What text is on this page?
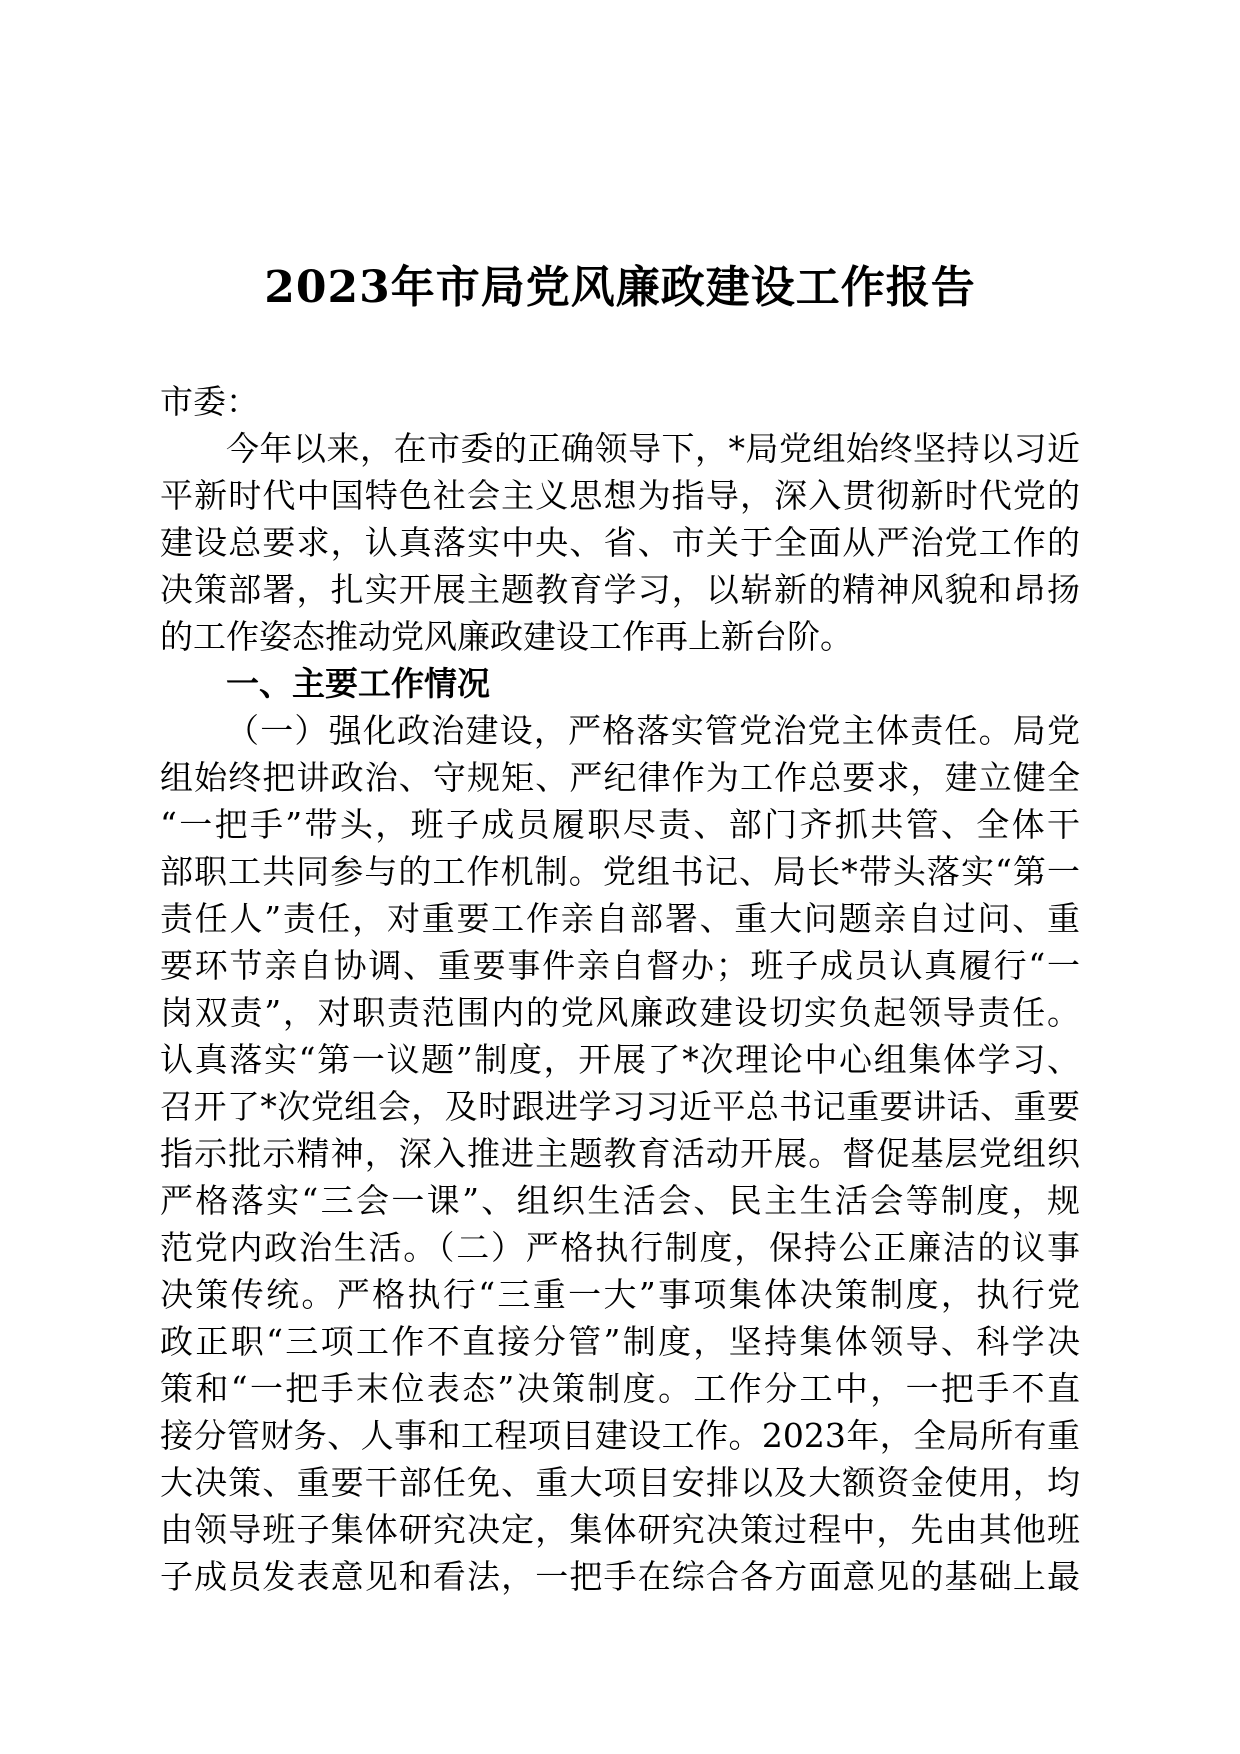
2023年市局党风廉政建设工作报告
市委：
今年以来，在市委的正确领导下，*局党组始终坚持以习近
平新时代中国特色社会主义思想为指导，深入贯彻新时代党的
建设总要求，认真落实中央、省、市关于全面从严治党工作的
决策部署，扎实开展主题教育学习，以崭新的精神风貌和昂扬
的工作姿态推动党风廉政建设工作再上新台阶。
一、主要工作情况
（一）强化政治建设，严格落实管党治党主体责任。局党
组始终把讲政治、守规矩、严纪律作为工作总要求，建立健全
“一把手”带头，班子成员履职尽责、部门齐抓共管、全体干
部职工共同参与的工作机制。党组书记、局长*带头落实“第一
责任人”责任，对重要工作亲自部署、重大问题亲自过问、重
要环节亲自协调、重要事件亲自督办；班子成员认真履行“一
岗双责”，对职责范围内的党风廉政建设切实负起领导责任。
认真落实“第一议题”制度，开展了*次理论中心组集体学习、
召开了*次党组会，及时跟进学习习近平总书记重要讲话、重要
指示批示精神，深入推进主题教育活动开展。督促基层党组织
严格落实“三会一课”、组织生活会、民主生活会等制度，规
范党内政治生活。（二）严格执行制度，保持公正廉洁的议事
决策传统。严格执行“三重一大”事项集体决策制度，执行党
政正职“三项工作不直接分管”制度，坚持集体领导、科学决
策和“一把手末位表态”决策制度。工作分工中，一把手不直
接分管财务、人事和工程项目建设工作。2023年，全局所有重
大决策、重要干部任免、重大项目安排以及大额资金使用，均
由领导班子集体研究决定，集体研究决策过程中，先由其他班
子成员发表意见和看法，一把手在综合各方面意见的基础上最
